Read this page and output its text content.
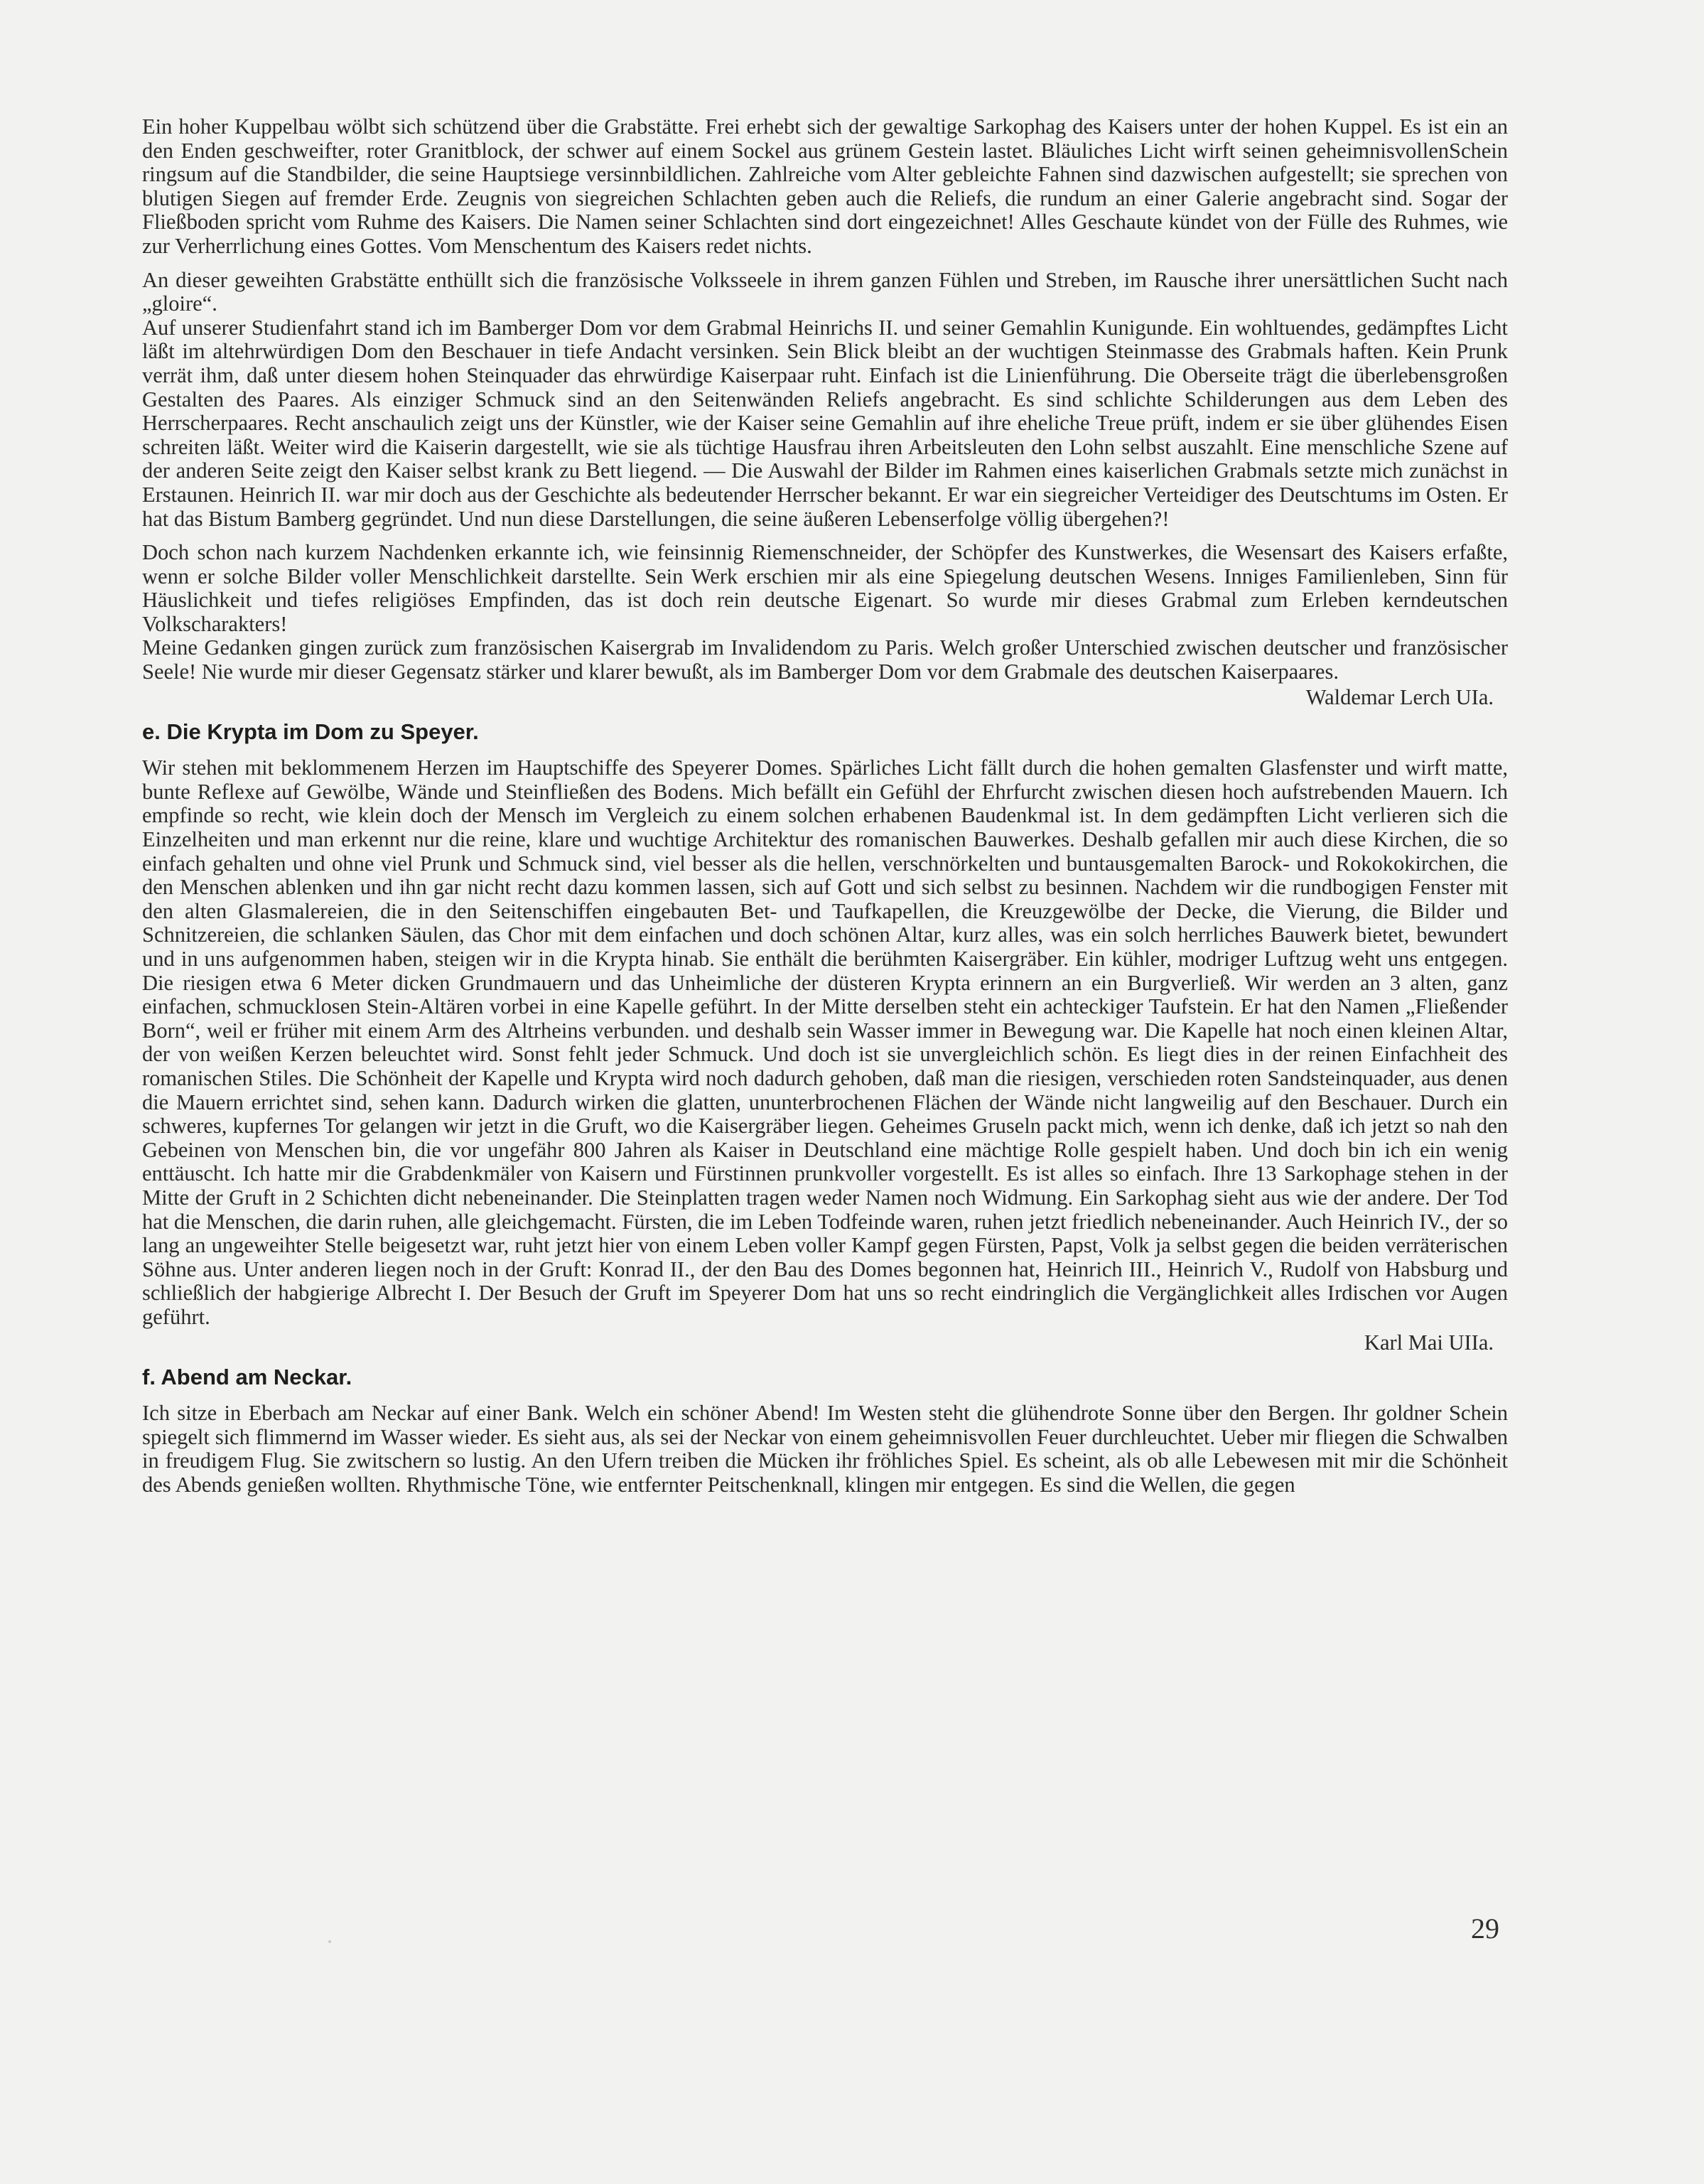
Ein hoher Kuppelbau wölbt sich schützend über die Grabstätte. Frei erhebt sich der gewaltige Sarkophag des Kaisers unter der hohen Kuppel. Es ist ein an den Enden geschweifter, roter Granitblock, der schwer auf einem Sockel aus grünem Gestein lastet. Bläuliches Licht wirft seinen geheimnisvollenSchein ringsum auf die Standbilder, die seine Hauptsiege versinnbildlichen. Zahlreiche vom Alter gebleichte Fahnen sind dazwischen aufgestellt; sie sprechen von blutigen Siegen auf fremder Erde. Zeugnis von siegreichen Schlachten geben auch die Reliefs, die rundum an einer Galerie angebracht sind. Sogar der Fließboden spricht vom Ruhme des Kaisers. Die Namen seiner Schlachten sind dort eingezeichnet! Alles Geschaute kündet von der Fülle des Ruhmes, wie zur Verherrlichung eines Gottes. Vom Menschentum des Kaisers redet nichts.

An dieser geweihten Grabstätte enthüllt sich die französische Volksseele in ihrem ganzen Fühlen und Streben, im Rausche ihrer unersättlichen Sucht nach „gloire“.

Auf unserer Studienfahrt stand ich im Bamberger Dom vor dem Grabmal Heinrichs II. und seiner Gemahlin Kunigunde. Ein wohltuendes, gedämpftes Licht läßt im altehrwürdigen Dom den Beschauer in tiefe Andacht versinken. Sein Blick bleibt an der wuchtigen Steinmasse des Grabmals haften. Kein Prunk verrät ihm, daß unter diesem hohen Steinquader das ehrwürdige Kaiserpaar ruht. Einfach ist die Linienführung. Die Oberseite trägt die überlebensgroßen Gestalten des Paares. Als einziger Schmuck sind an den Seitenwänden Reliefs angebracht. Es sind schlichte Schilderungen aus dem Leben des Herrscherpaares. Recht anschaulich zeigt uns der Künstler, wie der Kaiser seine Gemahlin auf ihre eheliche Treue prüft, indem er sie über glühendes Eisen schreiten läßt. Weiter wird die Kaiserin dargestellt, wie sie als tüchtige Hausfrau ihren Arbeitsleuten den Lohn selbst auszahlt. Eine menschliche Szene auf der anderen Seite zeigt den Kaiser selbst krank zu Bett liegend. — Die Auswahl der Bilder im Rahmen eines kaiserlichen Grabmals setzte mich zunächst in Erstaunen. Heinrich II. war mir doch aus der Geschichte als bedeutender Herrscher bekannt. Er war ein siegreicher Verteidiger des Deutschtums im Osten. Er hat das Bistum Bamberg gegründet. Und nun diese Darstellungen, die seine äußeren Lebenserfolge völlig übergehen?!

Doch schon nach kurzem Nachdenken erkannte ich, wie feinsinnig Riemenschneider, der Schöpfer des Kunstwerkes, die Wesensart des Kaisers erfaßte, wenn er solche Bilder voller Menschlichkeit darstellte. Sein Werk erschien mir als eine Spiegelung deutschen Wesens. Inniges Familienleben, Sinn für Häuslichkeit und tiefes religiöses Empfinden, das ist doch rein deutsche Eigenart. So wurde mir dieses Grabmal zum Erleben kerndeutschen Volkscharakters!

Meine Gedanken gingen zurück zum französischen Kaisergrab im Invalidendom zu Paris. Welch großer Unterschied zwischen deutscher und französischer Seele! Nie wurde mir dieser Gegensatz stärker und klarer bewußt, als im Bamberger Dom vor dem Grabmale des deutschen Kaiserpaares.

Waldemar Lerch UIa.
e. Die Krypta im Dom zu Speyer.

Wir stehen mit beklommenem Herzen im Hauptschiffe des Speyerer Domes. Spärliches Licht fällt durch die hohen gemalten Glasfenster und wirft matte, bunte Reflexe auf Gewölbe, Wände und Steinfließen des Bodens. Mich befällt ein Gefühl der Ehrfurcht zwischen diesen hoch aufstrebenden Mauern. Ich empfinde so recht, wie klein doch der Mensch im Vergleich zu einem solchen erhabenen Baudenkmal ist. In dem gedämpften Licht verlieren sich die Einzelheiten und man erkennt nur die reine, klare und wuchtige Architektur des romanischen Bauwerkes. Deshalb gefallen mir auch diese Kirchen, die so einfach gehalten und ohne viel Prunk und Schmuck sind, viel besser als die hellen, verschnörkelten und buntausgemalten Barock- und Rokokokirchen, die den Menschen ablenken und ihn gar nicht recht dazu kommen lassen, sich auf Gott und sich selbst zu besinnen. Nachdem wir die rundbogigen Fenster mit den alten Glasmalereien, die in den Seitenschiffen eingebauten Bet- und Taufkapellen, die Kreuzgewölbe der Decke, die Vierung, die Bilder und Schnitzereien, die schlanken Säulen, das Chor mit dem einfachen und doch schönen Altar, kurz alles, was ein solch herrliches Bauwerk bietet, bewundert und in uns aufgenommen haben, steigen wir in die Krypta hinab. Sie enthält die berühmten Kaisergräber. Ein kühler, modriger Luftzug weht uns entgegen. Die riesigen etwa 6 Meter dicken Grundmauern und das Unheimliche der düsteren Krypta erinnern an ein Burgverließ. Wir werden an 3 alten, ganz einfachen, schmucklosen Stein-Altären vorbei in eine Kapelle geführt. In der Mitte derselben steht ein achteckiger Taufstein. Er hat den Namen „Fließender Born“, weil er früher mit einem Arm des Altrheins verbunden. und deshalb sein Wasser immer in Bewegung war. Die Kapelle hat noch einen kleinen Altar, der von weißen Kerzen beleuchtet wird. Sonst fehlt jeder Schmuck. Und doch ist sie unvergleichlich schön. Es liegt dies in der reinen Einfachheit des romanischen Stiles. Die Schönheit der Kapelle und Krypta wird noch dadurch gehoben, daß man die riesigen, verschieden roten Sandsteinquader, aus denen die Mauern errichtet sind, sehen kann. Dadurch wirken die glatten, ununterbrochenen Flächen der Wände nicht langweilig auf den Beschauer. Durch ein schweres, kupfernes Tor gelangen wir jetzt in die Gruft, wo die Kaisergräber liegen. Geheimes Gruseln packt mich, wenn ich denke, daß ich jetzt so nah den Gebeinen von Menschen bin, die vor ungefähr 800 Jahren als Kaiser in Deutschland eine mächtige Rolle gespielt haben. Und doch bin ich ein wenig enttäuscht. Ich hatte mir die Grabdenkmäler von Kaisern und Fürstinnen prunkvoller vorgestellt. Es ist alles so einfach. Ihre 13 Sarkophage stehen in der Mitte der Gruft in 2 Schichten dicht nebeneinander. Die Steinplatten tragen weder Namen noch Widmung. Ein Sarkophag sieht aus wie der andere. Der Tod hat die Menschen, die darin ruhen, alle gleichgemacht. Fürsten, die im Leben Todfeinde waren, ruhen jetzt friedlich nebeneinander. Auch Heinrich IV., der so lang an ungeweihter Stelle beigesetzt war, ruht jetzt hier von einem Leben voller Kampf gegen Fürsten, Papst, Volk ja selbst gegen die beiden verräterischen Söhne aus. Unter anderen liegen noch in der Gruft: Konrad II., der den Bau des Domes begonnen hat, Heinrich III., Heinrich V., Rudolf von Habsburg und schließlich der habgierige Albrecht I. Der Besuch der Gruft im Speyerer Dom hat uns so recht eindringlich die Vergänglichkeit alles Irdischen vor Augen geführt.

Karl Mai UIIa.
f. Abend am Neckar.

Ich sitze in Eberbach am Neckar auf einer Bank. Welch ein schöner Abend! Im Westen steht die glühendrote Sonne über den Bergen. Ihr goldner Schein spiegelt sich flimmernd im Wasser wieder. Es sieht aus, als sei der Neckar von einem geheimnisvollen Feuer durchleuchtet. Ueber mir fliegen die Schwalben in freudigem Flug. Sie zwitschern so lustig. An den Ufern treiben die Mücken ihr fröhliches Spiel. Es scheint, als ob alle Lebewesen mit mir die Schönheit des Abends genießen wollten. Rhythmische Töne, wie entfernter Peitschenknall, klingen mir entgegen. Es sind die Wellen, die gegen

29
